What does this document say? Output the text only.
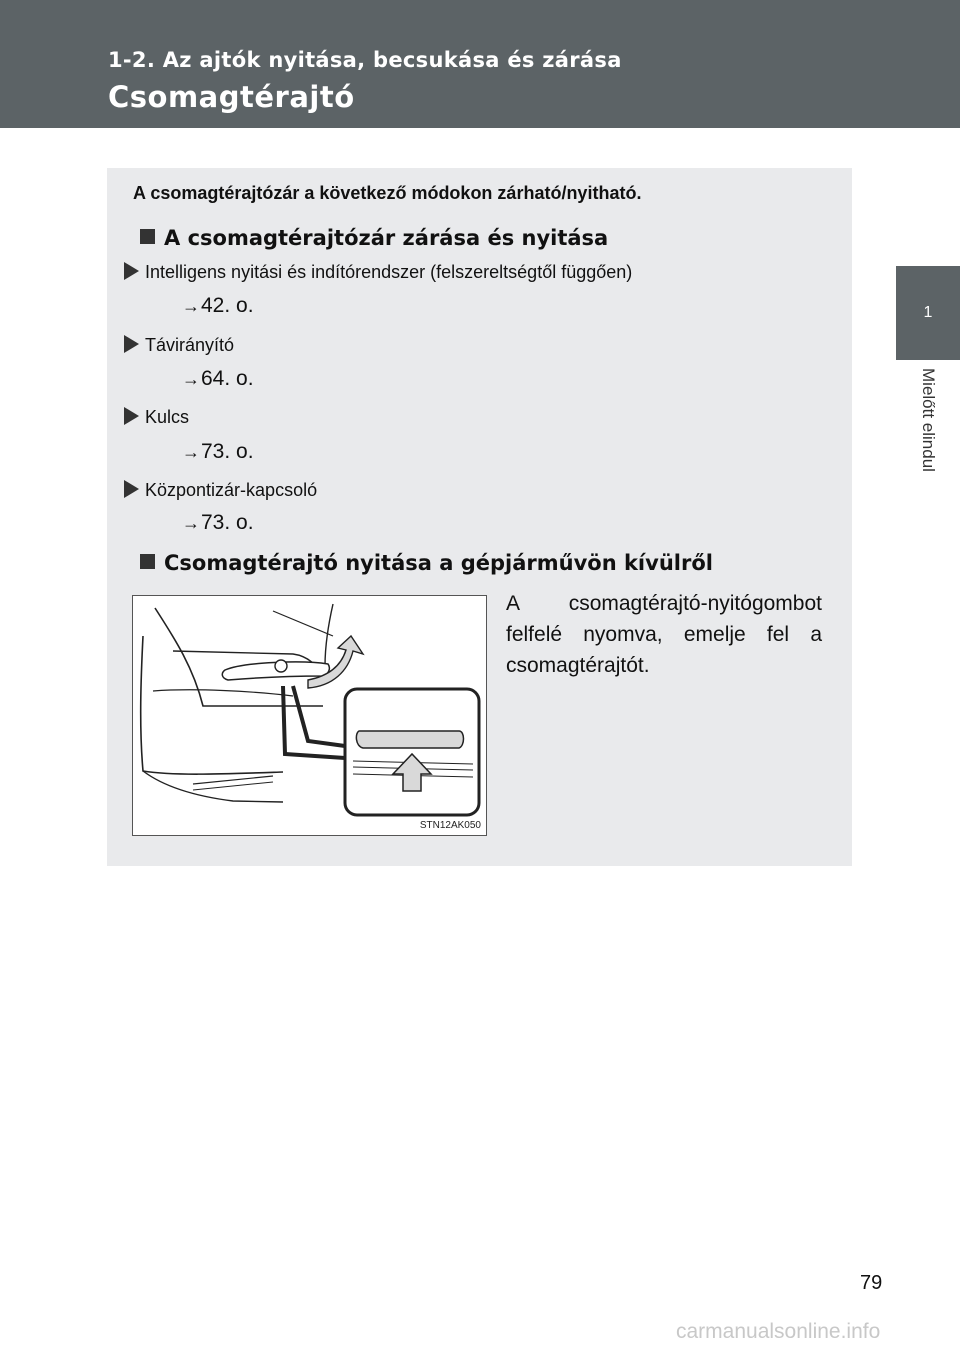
1-2. Az ajtók nyitása, becsukása és zárása
Csomagtérajtó
1
Mielőtt elindul
A csomagtérajtózár a következő módokon zárható/nyitható.
A csomagtérajtózár zárása és nyitása
Intelligens nyitási és indítórendszer (felszereltségtől függően)
→42. o.
Távirányító
→64. o.
Kulcs
→73. o.
Központizár-kapcsoló
→73. o.
Csomagtérajtó nyitása a gépjárművön kívülről
STN12AK050
A csomagtérajtó-nyitógombot felfelé nyomva, emelje fel a csomagtérajtót.
79
carmanualsonline.info
